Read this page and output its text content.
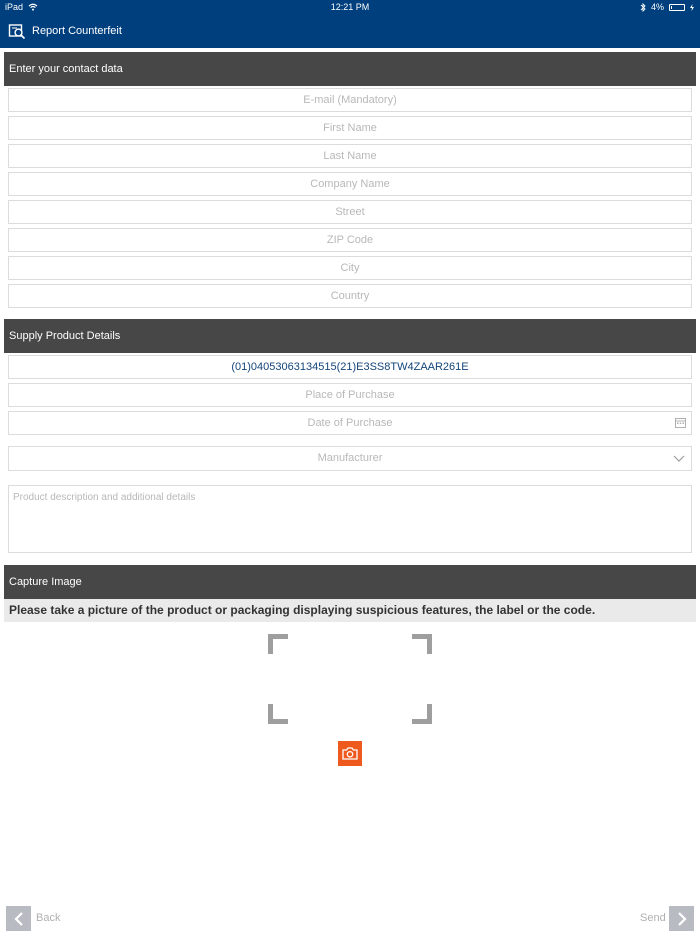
iPad	12:21 PM	4%
Report Counterfeit
Enter your contact data
E-mail (Mandatory)
First Name
Last Name
Company Name
Street
ZIP Code
City
Country
Supply Product Details
(01)04053063134515(21)E3SS8TW4ZAAR261E
Place of Purchase
Date of Purchase
Manufacturer
Product description and additional details
Capture Image
Please take a picture of the product or packaging displaying suspicious features, the label or the code.
Back	Send
